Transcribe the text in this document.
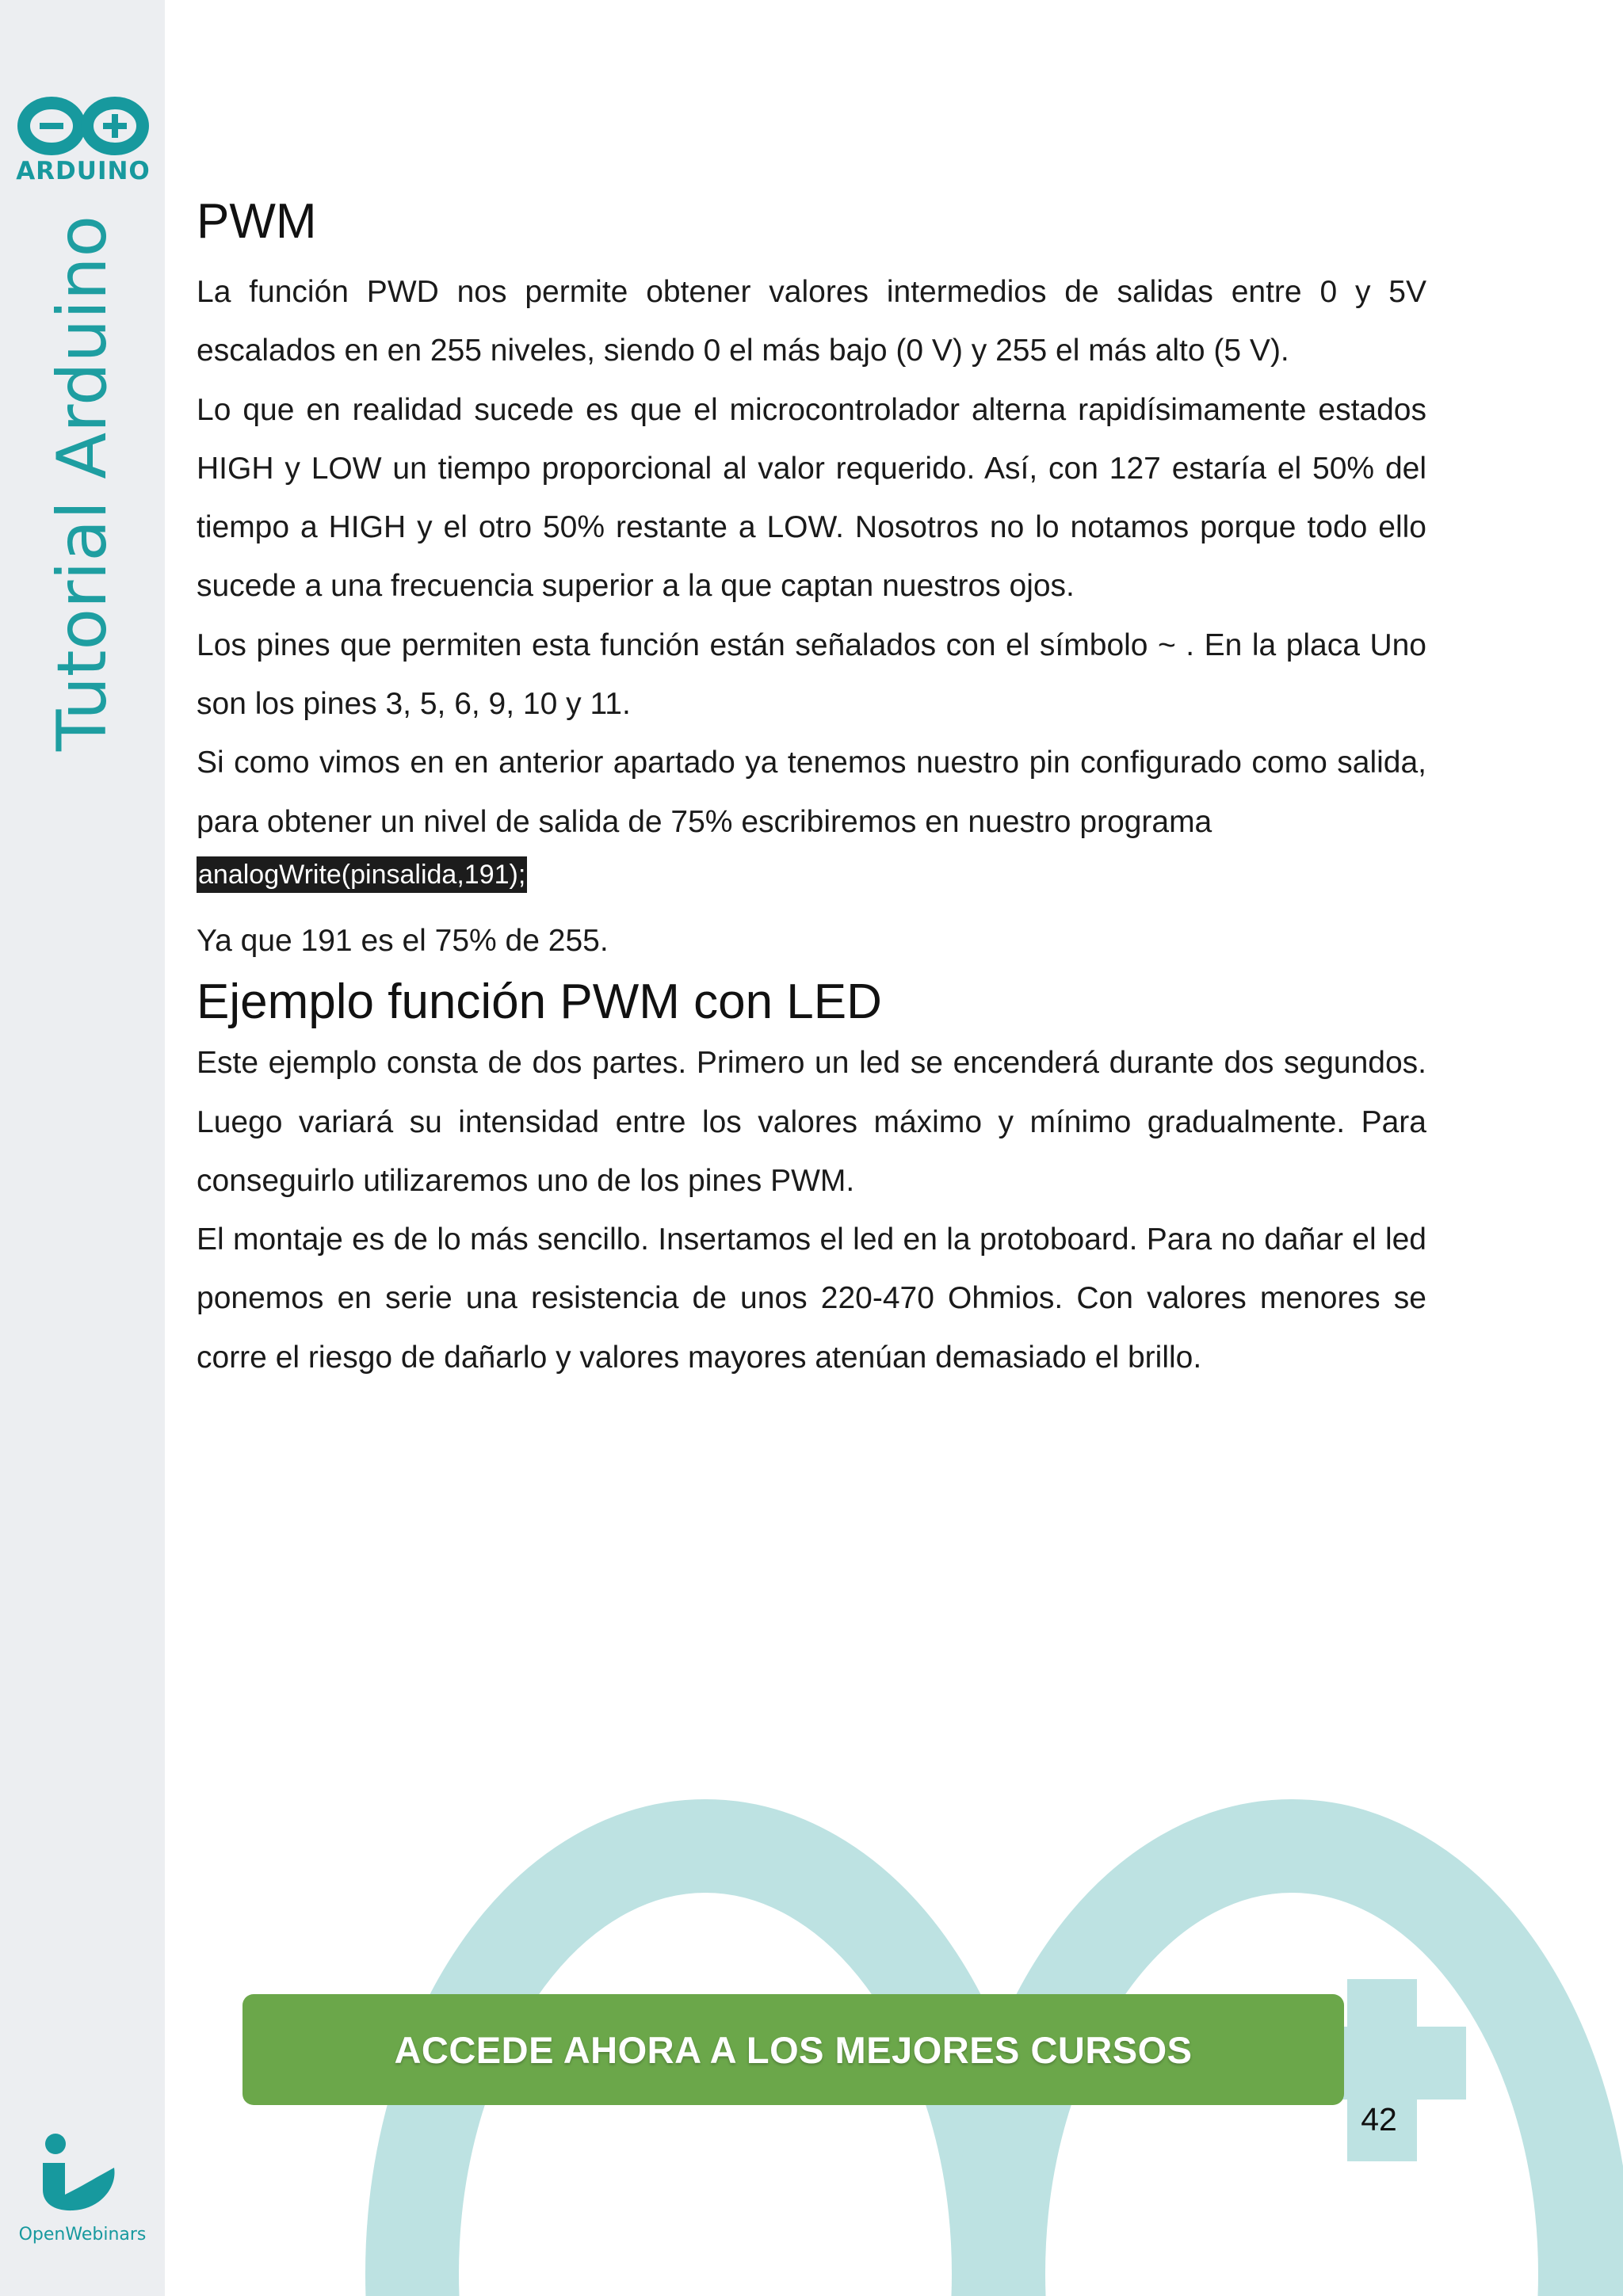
ARDUINO
Tutorial Arduino
OpenWebinars
PWM

La función PWD nos permite obtener valores intermedios de salidas entre 0 y 5V escalados en en 255 niveles, siendo 0 el más bajo (0 V) y 255 el más alto (5 V).

Lo que en realidad sucede es que el microcontrolador alterna rapidísimamente estados HIGH y LOW un tiempo proporcional al valor requerido. Así, con 127 estaría el 50% del tiempo a HIGH y el otro 50% restante a LOW. Nosotros no lo notamos porque todo ello sucede a una frecuencia superior a la que captan nuestros ojos.

Los pines que permiten esta función están señalados con el símbolo ~ . En la placa Uno son los pines 3, 5, 6, 9, 10 y 11.

Si como vimos en en anterior apartado ya tenemos nuestro pin configurado como salida, para obtener un nivel de salida de 75% escribiremos en nuestro programa

analogWrite(pinsalida,191);

Ya que 191 es el 75% de 255.

Ejemplo función PWM con LED

Este ejemplo consta de dos partes. Primero un led se encenderá durante dos segundos. Luego variará su intensidad entre los valores máximo y mínimo gradualmente. Para conseguirlo utilizaremos uno de los pines PWM.

El montaje es de lo más sencillo. Insertamos el led en la protoboard. Para no dañar el led ponemos en serie una resistencia de unos 220-470 Ohmios. Con valores menores se corre el riesgo de dañarlo y valores mayores atenúan demasiado el brillo.

ACCEDE AHORA A LOS MEJORES CURSOS
42
